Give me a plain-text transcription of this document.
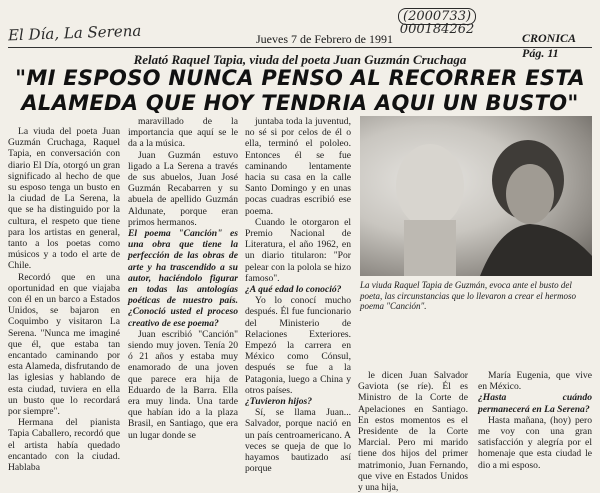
El Día, La Serena
(2000733)
000184262
Jueves 7 de Febrero de 1991	CRONICA Pág. 11
Relató Raquel Tapia, viuda del poeta Juan Guzmán Cruchaga
"MI ESPOSO NUNCA PENSO AL RECORRER ESTA ALAMEDA QUE HOY TENDRIA AQUI UN BUSTO"

La viuda del poeta Juan Guzmán Cruchaga, Raquel Tapia, en conversación con diario El Día, otorgó un gran significado al hecho de que su esposo tenga un busto en la ciudad de La Serena, la que se ha distinguido por la cultura, el respeto que tiene para los artistas en general, tanto a los poetas como músicos y a todo el arte de Chile.

Recordó que en una oportunidad en que viajaba con él en un barco a Estados Unidos, se bajaron en Coquimbo y visitaron La Serena. "Nunca me imaginé que él, que estaba tan encantado caminando por esta Alameda, disfrutando de las iglesias y hablando de esta ciudad, tuviera en ella un busto que lo recordará por siempre".

Hermana del pianista Tapia Caballero, recordó que el artista había quedado encantado con la ciudad. Hablaba

maravillado de la importancia que aquí se le da a la música.

Juan Guzmán estuvo ligado a La Serena a través de sus abuelos, Juan José Guzmán Recabarren y su abuela de apellido Guzmán Aldunate, porque eran primos hermanos.

El poema "Canción" es una obra que tiene la perfección de las obras de arte y ha trascendido a su autor, haciéndolo figurar en todas las antologías poéticas de nuestro país. ¿Conoció usted el proceso creativo de ese poema?

Juan escribió "Canción" siendo muy joven. Tenía 20 ó 21 años y estaba muy enamorado de una joven que parece era hija de Eduardo de la Barra. Ella era muy linda. Una tarde que habían ido a la plaza Brasil, en Santiago, que era un lugar donde se

juntaba toda la juventud, no sé si por celos de él o ella, terminó el pololeo. Entonces él se fue caminando lentamente hacia su casa en la calle Santo Domingo y en unas pocas cuadras escribió ese poema.

Cuando le otorgaron el Premio Nacional de Literatura, el año 1962, en un diario titularon: "Por pelear con la polola se hizo famoso".

¿A qué edad lo conoció?

Yo lo conocí mucho después. Él fue funcionario del Ministerio de Relaciones Exteriores. Empezó la carrera en México como Cónsul, después se fue a la Patagonia, luego a China y otros países.

¿Tuvieron hijos?

Sí, se llama Juan... Salvador, porque nació en un país centroamericano. A veces se queja de que lo hayamos bautizado así porque

La viuda Raquel Tapia de Guzmán, evoca ante el busto del poeta, las circunstancias que lo llevaron a crear el hermoso poema "Canción".

le dicen Juan Salvador Gaviota (se ríe). Él es Ministro de la Corte de Apelaciones en Santiago. En estos momentos es el Presidente de la Corte Marcial. Pero mi marido tiene dos hijos del primer matrimonio, Juan Fernando, que vive en Estados Unidos y una hija,

María Eugenia, que vive en México.

¿Hasta cuándo permanecerá en La Serena?

Hasta mañana, (hoy) pero me voy con una gran satisfacción y alegría por el homenaje que esta ciudad le dio a mi esposo.
